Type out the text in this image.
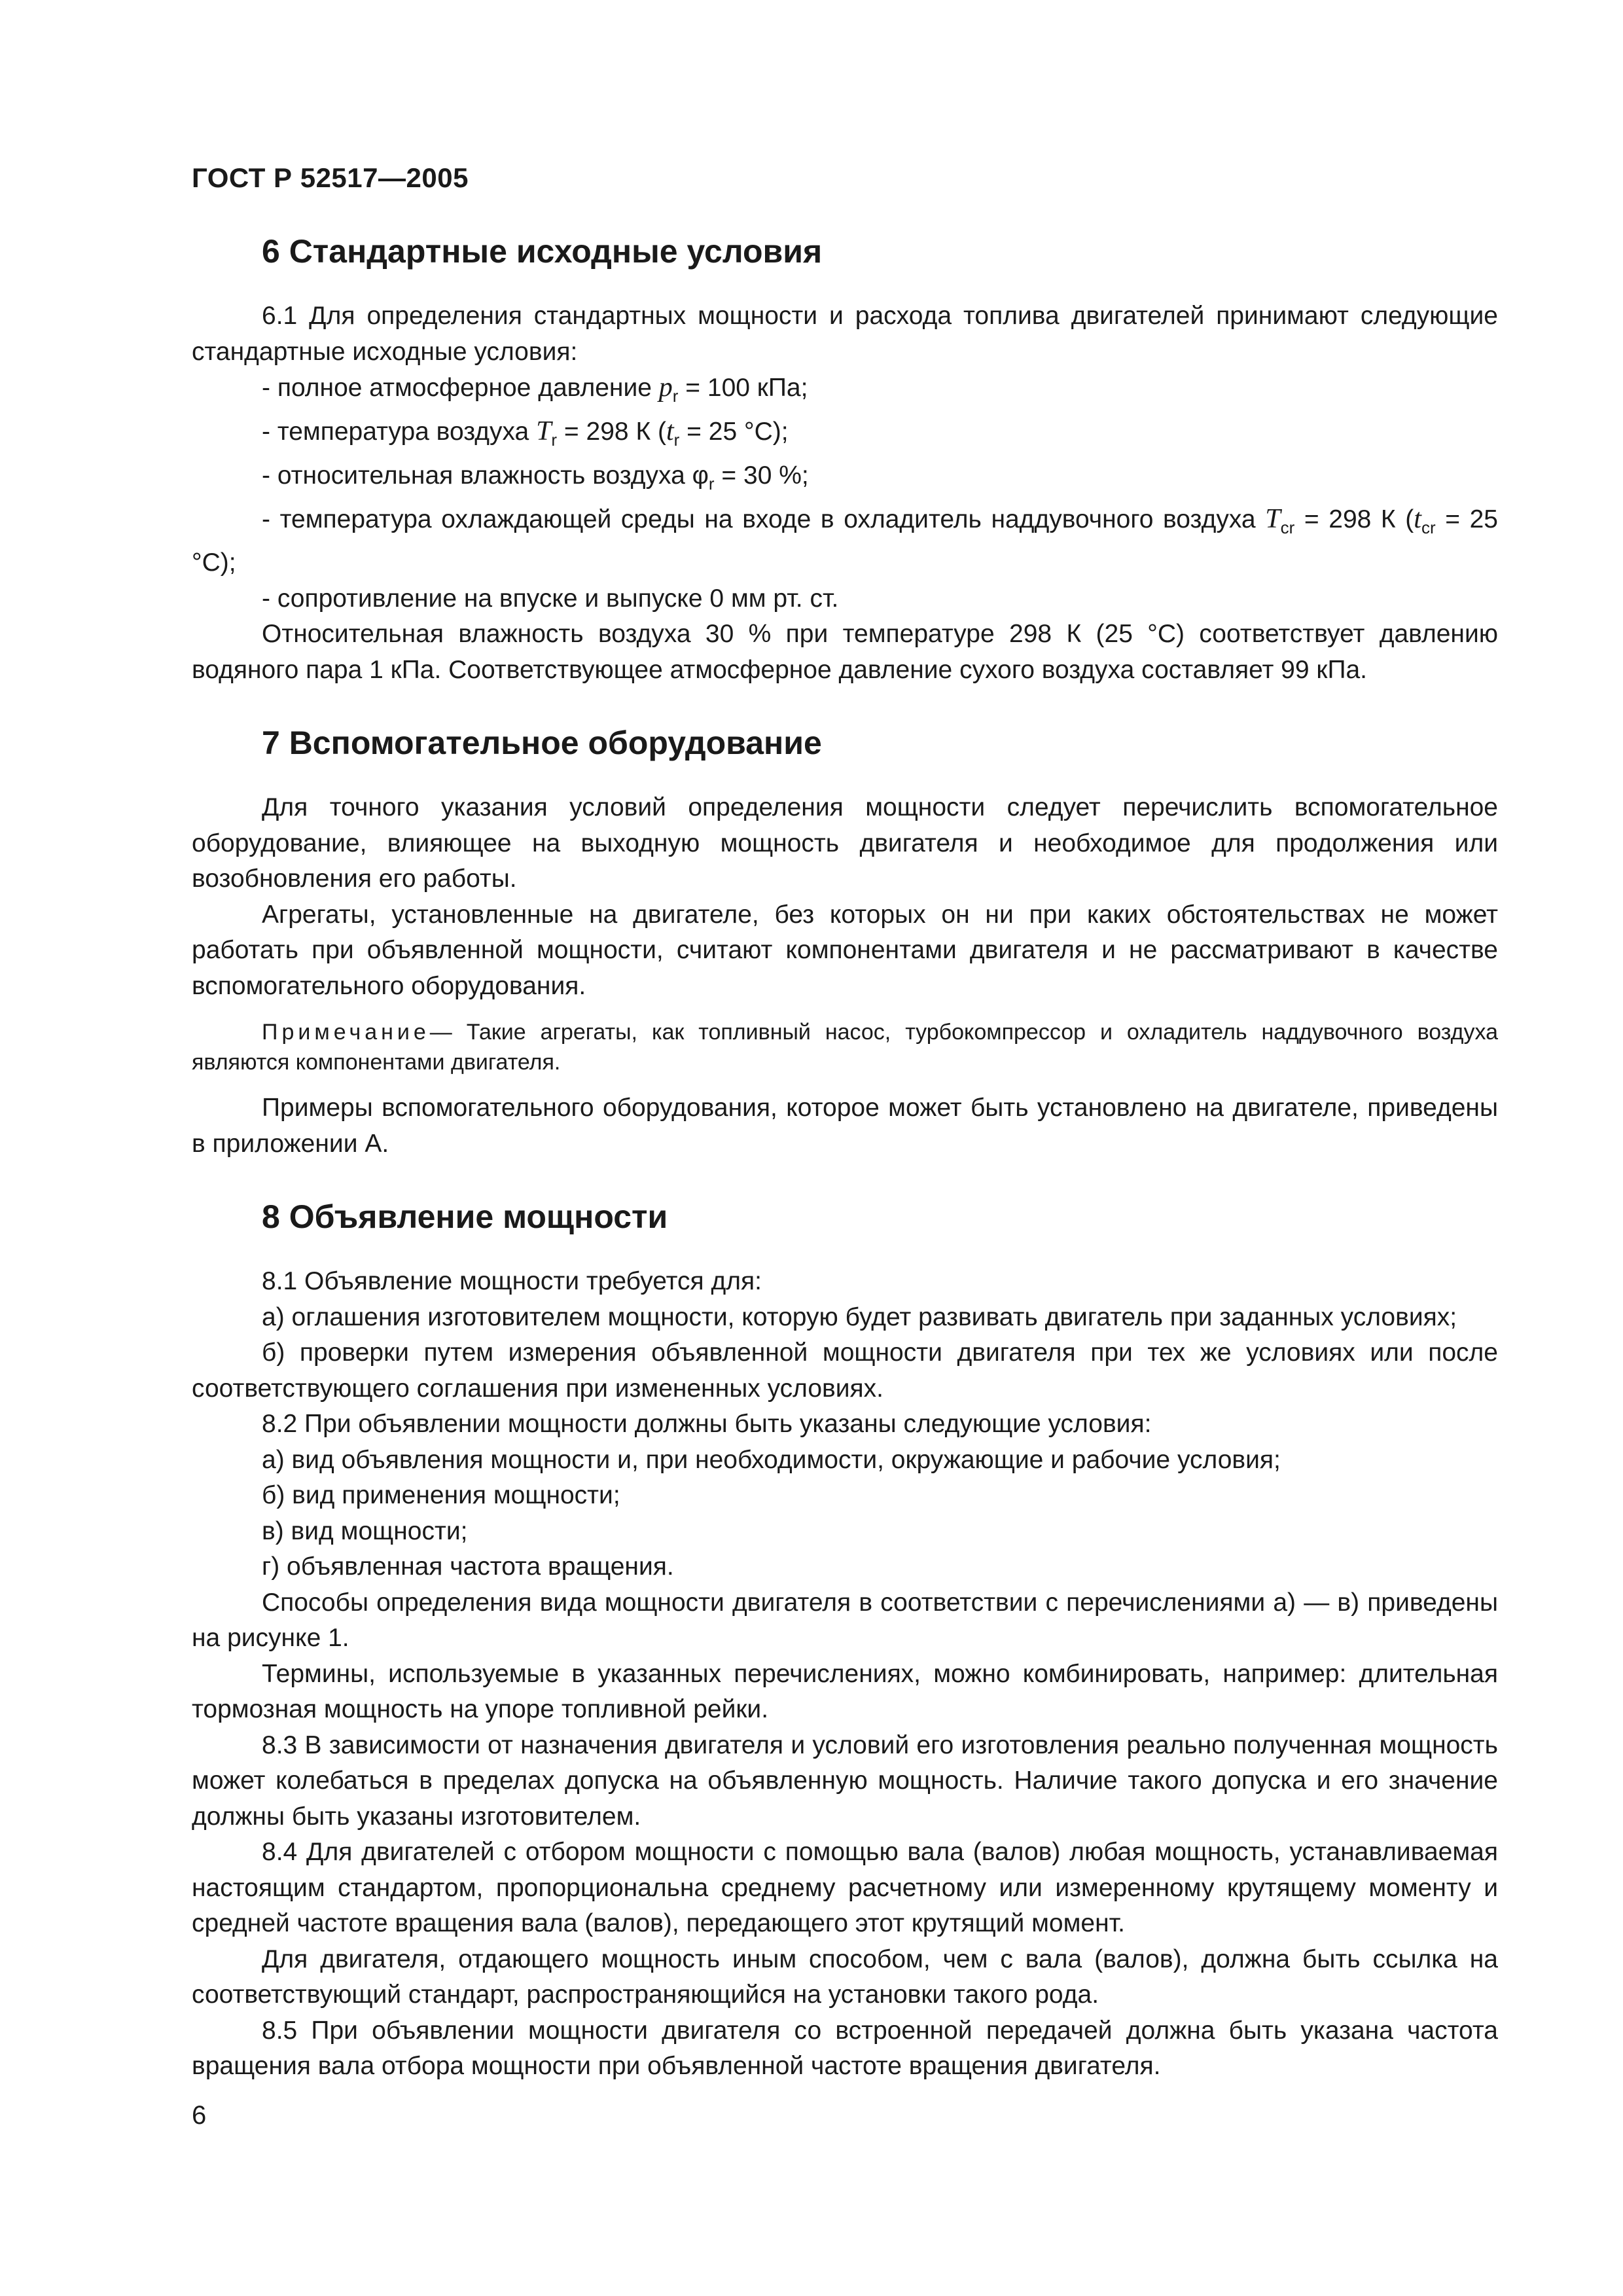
ГОСТ Р 52517—2005
6 Стандартные исходные условия

6.1 Для определения стандартных мощности и расхода топлива двигателей принимают следующие стандартные исходные условия:

- полное атмосферное давление $p_r = 100$ кПа;

- температура воздуха $T_r = 298$ К ($t_r = 25$ °С);

- относительная влажность воздуха $\varphi_r = 30$ %;

- температура охлаждающей среды на входе в охладитель наддувочного воздуха $T_{cr} = 298$ К ($t_{cr} = 25$ °С);

- сопротивление на впуске и выпуске 0 мм рт. ст.

Относительная влажность воздуха 30 % при температуре 298 К (25 °С) соответствует давлению водяного пара 1 кПа. Соответствующее атмосферное давление сухого воздуха составляет 99 кПа.

7 Вспомогательное оборудование

Для точного указания условий определения мощности следует перечислить вспомогательное оборудование, влияющее на выходную мощность двигателя и необходимое для продолжения или возобновления его работы.

Агрегаты, установленные на двигателе, без которых он ни при каких обстоятельствах не может работать при объявленной мощности, считают компонентами двигателя и не рассматривают в качестве вспомогательного оборудования.

Примечание— Такие агрегаты, как топливный насос, турбокомпрессор и охладитель наддувочного воздуха являются компонентами двигателя.

Примеры вспомогательного оборудования, которое может быть установлено на двигателе, приведены в приложении А.

8 Объявление мощности

8.1 Объявление мощности требуется для:

а) оглашения изготовителем мощности, которую будет развивать двигатель при заданных условиях;

б) проверки путем измерения объявленной мощности двигателя при тех же условиях или после соответствующего соглашения при измененных условиях.

8.2 При объявлении мощности должны быть указаны следующие условия:

а) вид объявления мощности и, при необходимости, окружающие и рабочие условия;

б) вид применения мощности;

в) вид мощности;

г) объявленная частота вращения.

Способы определения вида мощности двигателя в соответствии с перечислениями а) — в) приведены на рисунке 1.

Термины, используемые в указанных перечислениях, можно комбинировать, например: длительная тормозная мощность на упоре топливной рейки.

8.3 В зависимости от назначения двигателя и условий его изготовления реально полученная мощность может колебаться в пределах допуска на объявленную мощность. Наличие такого допуска и его значение должны быть указаны изготовителем.

8.4 Для двигателей с отбором мощности с помощью вала (валов) любая мощность, устанавливаемая настоящим стандартом, пропорциональна среднему расчетному или измеренному крутящему моменту и средней частоте вращения вала (валов), передающего этот крутящий момент.

Для двигателя, отдающего мощность иным способом, чем с вала (валов), должна быть ссылка на соответствующий стандарт, распространяющийся на установки такого рода.

8.5 При объявлении мощности двигателя со встроенной передачей должна быть указана частота вращения вала отбора мощности при объявленной частоте вращения двигателя.

6
